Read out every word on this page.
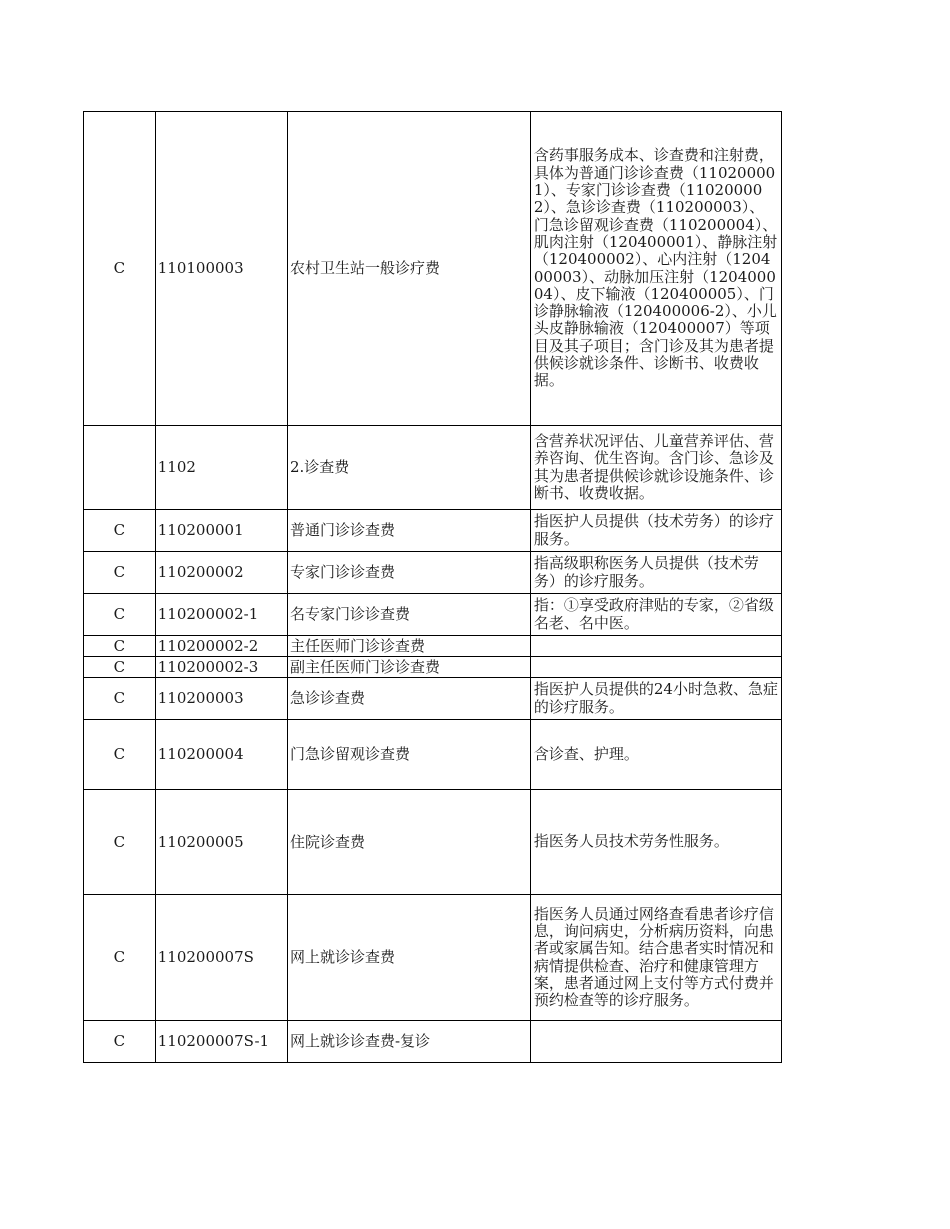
C	110100003	农村卫生站一般诊疗费	含药事服务成本、诊查费和注射费，具体为普通门诊诊查费（110200001）、专家门诊诊查费（110200002）、急诊诊查费（110200003）、门急诊留观诊查费（110200004）、肌肉注射（120400001）、静脉注射（120400002）、心内注射（120400003）、动脉加压注射（120400004）、皮下输液（120400005）、门诊静脉输液（120400006-2）、小儿头皮静脉输液（120400007）等项目及其子项目；含门诊及其为患者提供候诊就诊条件、诊断书、收费收据。
	1102	2.诊查费	含营养状况评估、儿童营养评估、营养咨询、优生咨询。含门诊、急诊及其为患者提供候诊就诊设施条件、诊断书、收费收据。
C	110200001	普通门诊诊查费	指医护人员提供（技术劳务）的诊疗服务。
C	110200002	专家门诊诊查费	指高级职称医务人员提供（技术劳务）的诊疗服务。
C	110200002-1	名专家门诊诊查费	指：①享受政府津贴的专家，②省级名老、名中医。
C	110200002-2	主任医师门诊诊查费	
C	110200002-3	副主任医师门诊诊查费	
C	110200003	急诊诊查费	指医护人员提供的24小时急救、急症的诊疗服务。
C	110200004	门急诊留观诊查费	含诊查、护理。
C	110200005	住院诊查费	指医务人员技术劳务性服务。
C	110200007S	网上就诊诊查费	指医务人员通过网络查看患者诊疗信息，询问病史，分析病历资料，向患者或家属告知。结合患者实时情况和病情提供检查、治疗和健康管理方案，患者通过网上支付等方式付费并预约检查等的诊疗服务。
C	110200007S-1	网上就诊诊查费-复诊	
